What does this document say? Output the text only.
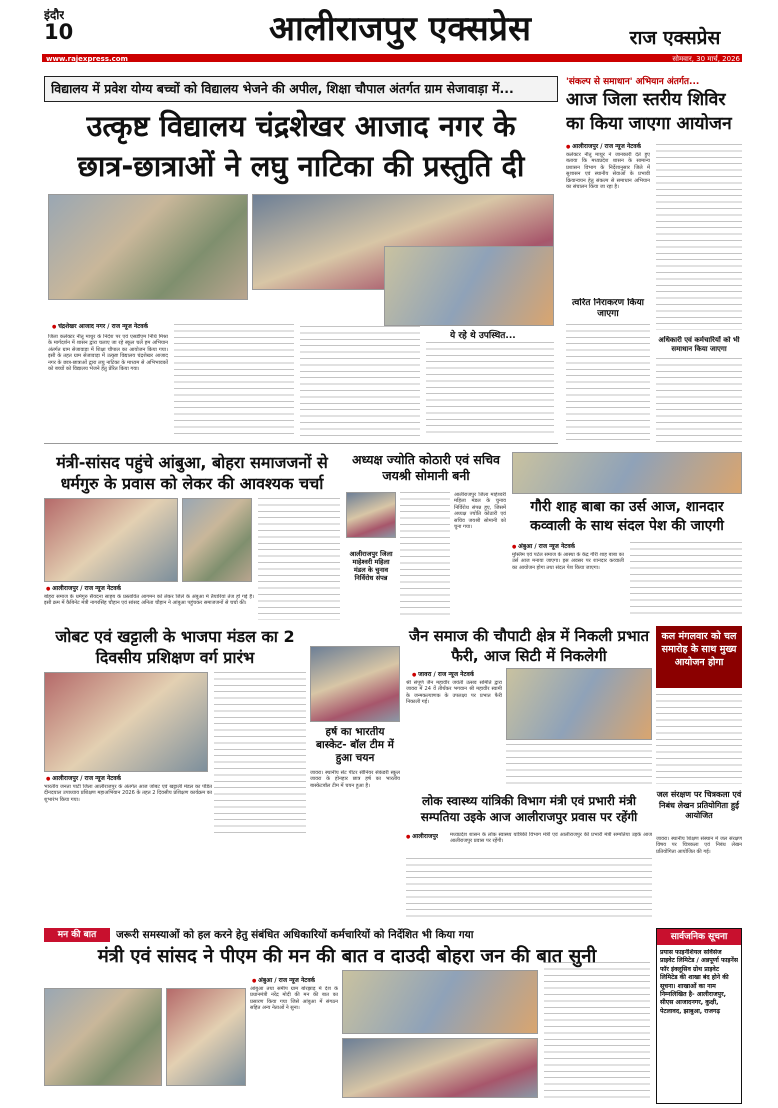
इंदौर
10	आलीराजपुर एक्सप्रेस	राज एक्सप्रेस
www.rajexpress.com	सोमवार, 30 मार्च, 2026
विद्यालय में प्रवेश योग्य बच्चों को विद्यालय भेजने की अपील, शिक्षा चौपाल अंतर्गत ग्राम सेजावाड़ा में...
उत्कृष्ट विद्यालय चंद्रशेखर आजाद नगर के
छात्र-छात्राओं ने लघु नाटिका की प्रस्तुति दी
● चंद्रशेखर आजाद नगर / राज न्यूज नेटवर्क
ये रहे थे उपस्थित...
जिला कलेक्टर नीतू माथुर के निर्देश पर एवं एसडीएम निधि मिश्रा के मार्गदर्शन में शासन द्वारा चलाए जा रहे स्कूल चलें हम अभियान अंतर्गत ग्राम सेजावाड़ा में शिक्षा चौपाल का आयोजन किया गया। इसी के तहत ग्राम सेजावाड़ा में उत्कृष्ट विद्यालय चंद्रशेखर आजाद नगर के छात्र-छात्राओं द्वारा लघु नाटिका के माध्यम से अभिभावकों को बच्चों को विद्यालय भेजने हेतु प्रेरित किया गया।
'संकल्प से समाधान' अभियान अंतर्गत...
आज जिला स्तरीय शिविर का किया जाएगा आयोजन
● आलीराजपुर / राज न्यूज नेटवर्क
कलेक्टर नीतू माथुर ने जानकारी देते हुए बताया कि मध्यप्रदेश शासन के सामान्य प्रशासन विभाग के निर्देशानुसार जिले में सुशासन एवं स्थानीय सेवाओं के प्रभावी क्रियान्वयन हेतु संकल्प से समाधान अभियान का संचालन किया जा रहा है।
त्वरित निराकरण किया जाएगा
अधिकारी एवं कर्मचारियों को भी समाधान किया जाएगा
मंत्री-सांसद पहुंचे आंबुआ, बोहरा समाजजनों से धर्मगुरु के प्रवास को लेकर की आवश्यक चर्चा
● आलीराजपुर / राज न्यूज नेटवर्क
बोहरा समाज के धर्मगुरु सैयदना साहब के प्रस्तावित आगमन को लेकर जिले के अंबुआ में तैयारियां तेज हो गई हैं। इसी क्रम में कैबिनेट मंत्री नागरसिंह चौहान एवं सांसद अनिता चौहान ने आंबुआ पहुंचकर समाजजनों से चर्चा की।
अध्यक्ष ज्योति कोठारी एवं सचिव जयश्री सोमानी बनी
आलीराजपुर जिला माहेश्वरी महिला मंडल के चुनाव निर्विरोध संपन्न
आलीराजपुर जिला माहेश्वरी महिला मंडल के चुनाव निर्विरोध संपन्न हुए, जिसमें अध्यक्ष ज्योति कोठारी एवं सचिव जयश्री सोमानी को चुना गया।
गौरी शाह बाबा का उर्स आज, शानदार कव्वाली के साथ संदल पेश की जाएगी
● अंबुआ / राज न्यूज नेटवर्क
मुस्लिम एवं पटेल समाज के आस्था के केंद्र गौरी शाह बाबा का उर्स आज मनाया जाएगा। इस अवसर पर शानदार कव्वाली का आयोजन होगा तथा संदल पेश किया जाएगा।
जोबट एवं खट्टाली के भाजपा मंडल का 2 दिवसीय प्रशिक्षण वर्ग प्रारंभ
● आलीराजपुर / राज न्यूज नेटवर्क
भारतीय जनता पार्टी जिला आलीराजपुर के अंतर्गत आज जोबट एवं खट्टाली मंडल का पंडित दीनदयाल उपाध्याय प्रशिक्षण महाअभियान 2026 के तहत 2 दिवसीय प्रशिक्षण कार्यक्रम का शुभारंभ किया गया।
हर्ष का भारतीय बास्केट- बॉल टीम में हुआ चयन
जावरा। स्थानीय सेंट पीटर सीनियर सेकंडरी स्कूल जावरा के होनहार छात्र हर्ष का भारतीय बास्केटबॉल टीम में चयन हुआ है।
जैन समाज की चौपाटी क्षेत्र में निकली प्रभात फैरी, आज सिटी में निकलेगी
● जावरा / राज न्यूज नेटवर्क
श्री संपूर्ण जैन महावीर जयंती उत्सव समिति द्वारा जावरा में 24 वें तीर्थंकर भगवान श्री महावीर स्वामी के जन्मकल्याणक के उपलक्ष्य पर प्रभात फैरी निकाली गई।
कल मंगलवार को चल समारोह के साथ मुख्य आयोजन होगा
जल संरक्षण पर चित्रकला एवं निबंध लेखन प्रतियोगिता हुई आयोजित
जावरा। स्थानीय शिक्षण संस्थान में जल संरक्षण विषय पर चित्रकला एवं निबंध लेखन प्रतियोगिता आयोजित की गई।
लोक स्वास्थ्य यांत्रिकी विभाग मंत्री एवं प्रभारी मंत्री सम्पतिया उइके आज आलीराजपुर प्रवास पर रहेंगी
● आलीराजपुर मध्यप्रदेश शासन के लोक स्वास्थ्य यांत्रिकी विभाग मंत्री एवं आलीराजपुर की प्रभारी मंत्री सम्पतिया उइके आज आलीराजपुर प्रवास पर रहेंगी।
मन की बात	जरूरी समस्याओं को हल करने हेतु संबंधित अधिकारियों कर्मचारियों को निर्देशित भी किया गया
मंत्री एवं सांसद ने पीएम की मन की बात व दाउदी बोहरा जन की बात सुनी
● अंबुआ / राज न्यूज नेटवर्क
आंबुआ तथा समीप ग्राम बोरझाड़ में देश के प्रधानमंत्री नरेंद्र मोदी की मन की बात का प्रसारण किया गया जिसे आंबुआ में संगठन सहित अन्य नेताओं ने सुना।
सार्वजनिक सूचना
प्रयास फाइनेंशियल सर्विसेज प्राइवेट लिमिटेड / अन्नपूर्णा फाइनेंस फॉर इंक्लूसिव ग्रोथ प्राइवेट लिमिटेड की शाखा बंद होने की सूचना। शाखाओं का नाम निम्नलिखित है- आलीराजपुर, सीएस आजादनगर, कुक्षी, पेटलावद, झाबुआ, राजगढ़
